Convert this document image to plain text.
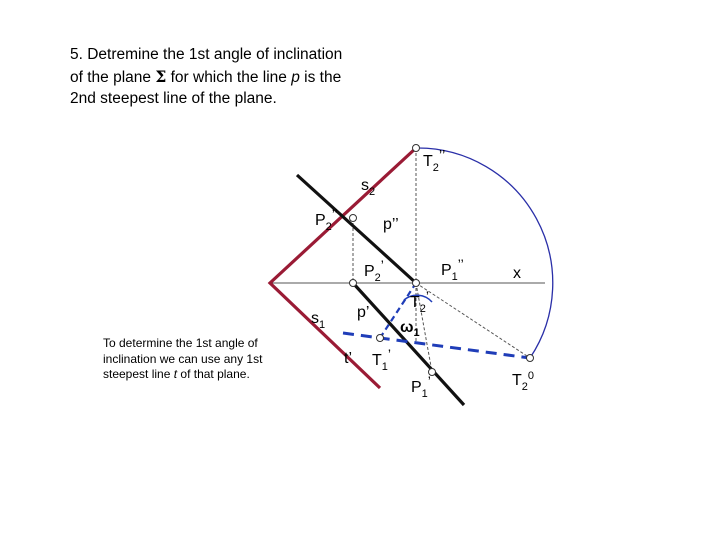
5. Detremine the 1st angle of inclination
of the plane Σ for which the line p is the
2nd steepest line of the plane.
To determine the 1st angle of inclination we can use any 1st steepest line t of that plane.
$T_2$’’
$s_2$
$P_2$’’
p’’
$P_2$’	$P_1$’’
x
$s_1$
p’
$T_2$’
$\omega_1$
t’ $T_1$’
$P_1$’	$T_2^0$
